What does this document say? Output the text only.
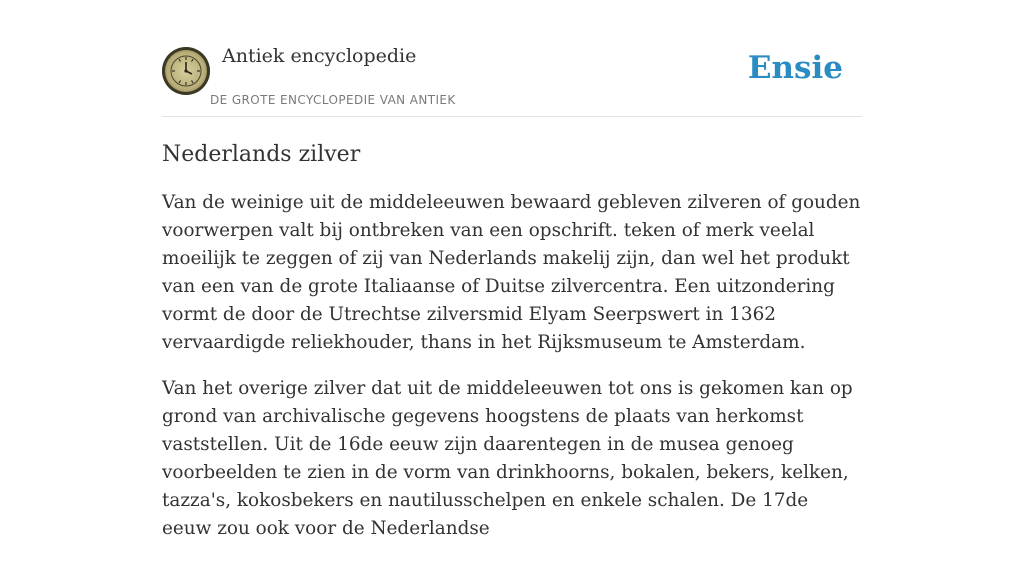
Antiek encyclopedie
DE GROTE ENCYCLOPEDIE VAN ANTIEK
Ensie
Nederlands zilver

Van de weinige uit de middeleeuwen bewaard gebleven zilveren of gouden voorwerpen valt bij ontbreken van een opschrift. teken of merk veelal moeilijk te zeggen of zij van Nederlands makelij zijn, dan wel het produkt van een van de grote Italiaanse of Duitse zilvercentra. Een uitzondering vormt de door de Utrechtse zilversmid Elyam Seerpswert in 1362 vervaardigde reliekhouder, thans in het Rijksmuseum te Amsterdam.

Van het overige zilver dat uit de middeleeuwen tot ons is gekomen kan op grond van archivalische gegevens hoogstens de plaats van herkomst vaststellen. Uit de 16de eeuw zijn daarentegen in de musea genoeg voorbeelden te zien in de vorm van drinkhoorns, bokalen, bekers, kelken, tazza's, kokosbekers en nautilusschelpen en enkele schalen. De 17de eeuw zou ook voor de Nederlandse
